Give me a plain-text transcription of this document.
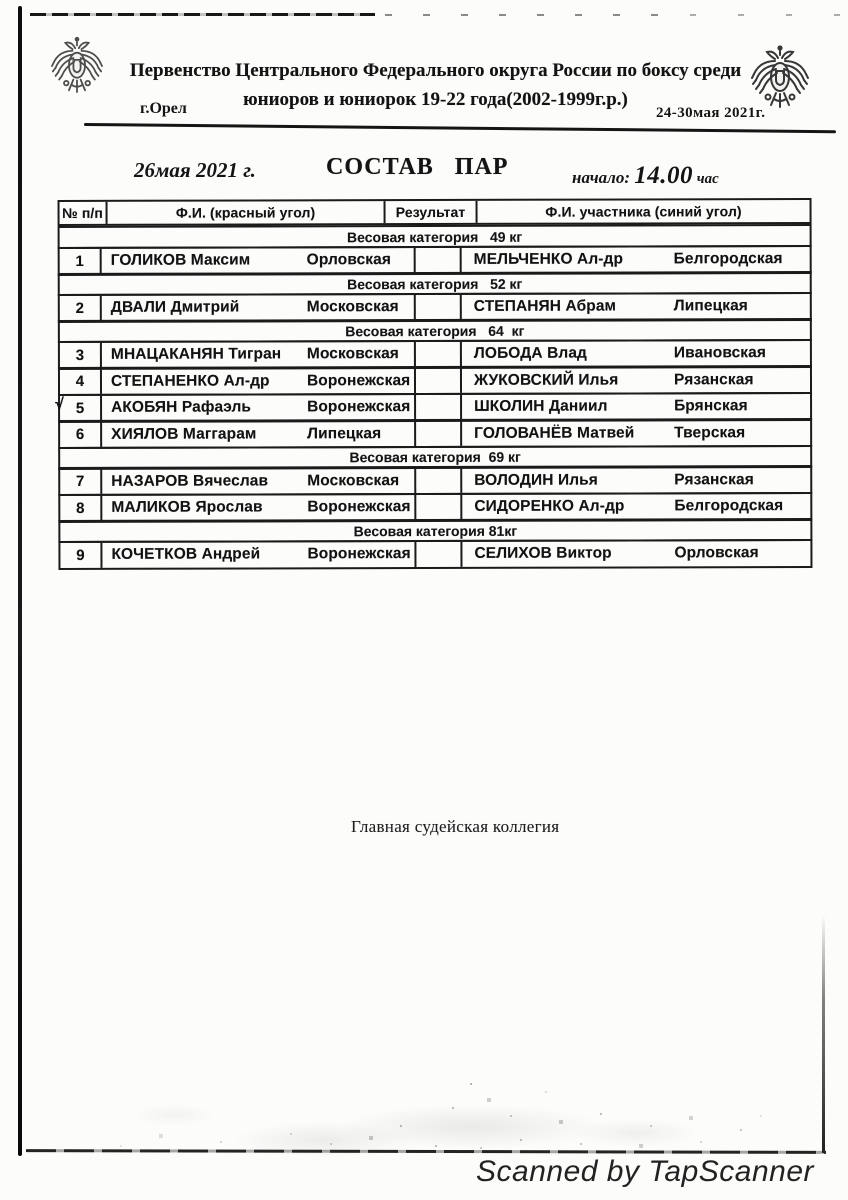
Первенство Центрального Федерального округа России по боксу среди
юниоров и юниорок 19-22 года(2002-1999г.р.)
г.Орел	24-30мая 2021г.
26мая 2021 г.	СОСТАВ ПАР	начало: 14.00 час
№ п/п	Ф.И. (красный угол)	Результат	Ф.И. участника (синий угол)
Весовая категория   49 кг
1 ГОЛИКОВ Максим	Орловская	МЕЛЬЧЕНКО Ал-др	Белгородская
Весовая категория   52 кг
2 ДВАЛИ Дмитрий	Московская	СТЕПАНЯН Абрам	Липецкая
Весовая категория   64  кг
3 МНАЦАКАНЯН Тигран	Московская	ЛОБОДА Влад	Ивановская
4 СТЕПАНЕНКО Ал-др	Воронежская	ЖУКОВСКИЙ Илья	Рязанская
√ 5 АКОБЯН Рафаэль	Воронежская	ШКОЛИН Даниил	Брянская
6 ХИЯЛОВ Маггарам	Липецкая	ГОЛОВАНЁВ Матвей	Тверская
Весовая категория  69 кг
7 НАЗАРОВ Вячеслав	Московская	ВОЛОДИН Илья	Рязанская
8 МАЛИКОВ Ярослав	Воронежская	СИДОРЕНКО Ал-др	Белгородская
Весовая категория 81кг
9 КОЧЕТКОВ Андрей	Воронежская	СЕЛИХОВ Виктор	Орловская
Главная судейская коллегия
Scanned by TapScanner
